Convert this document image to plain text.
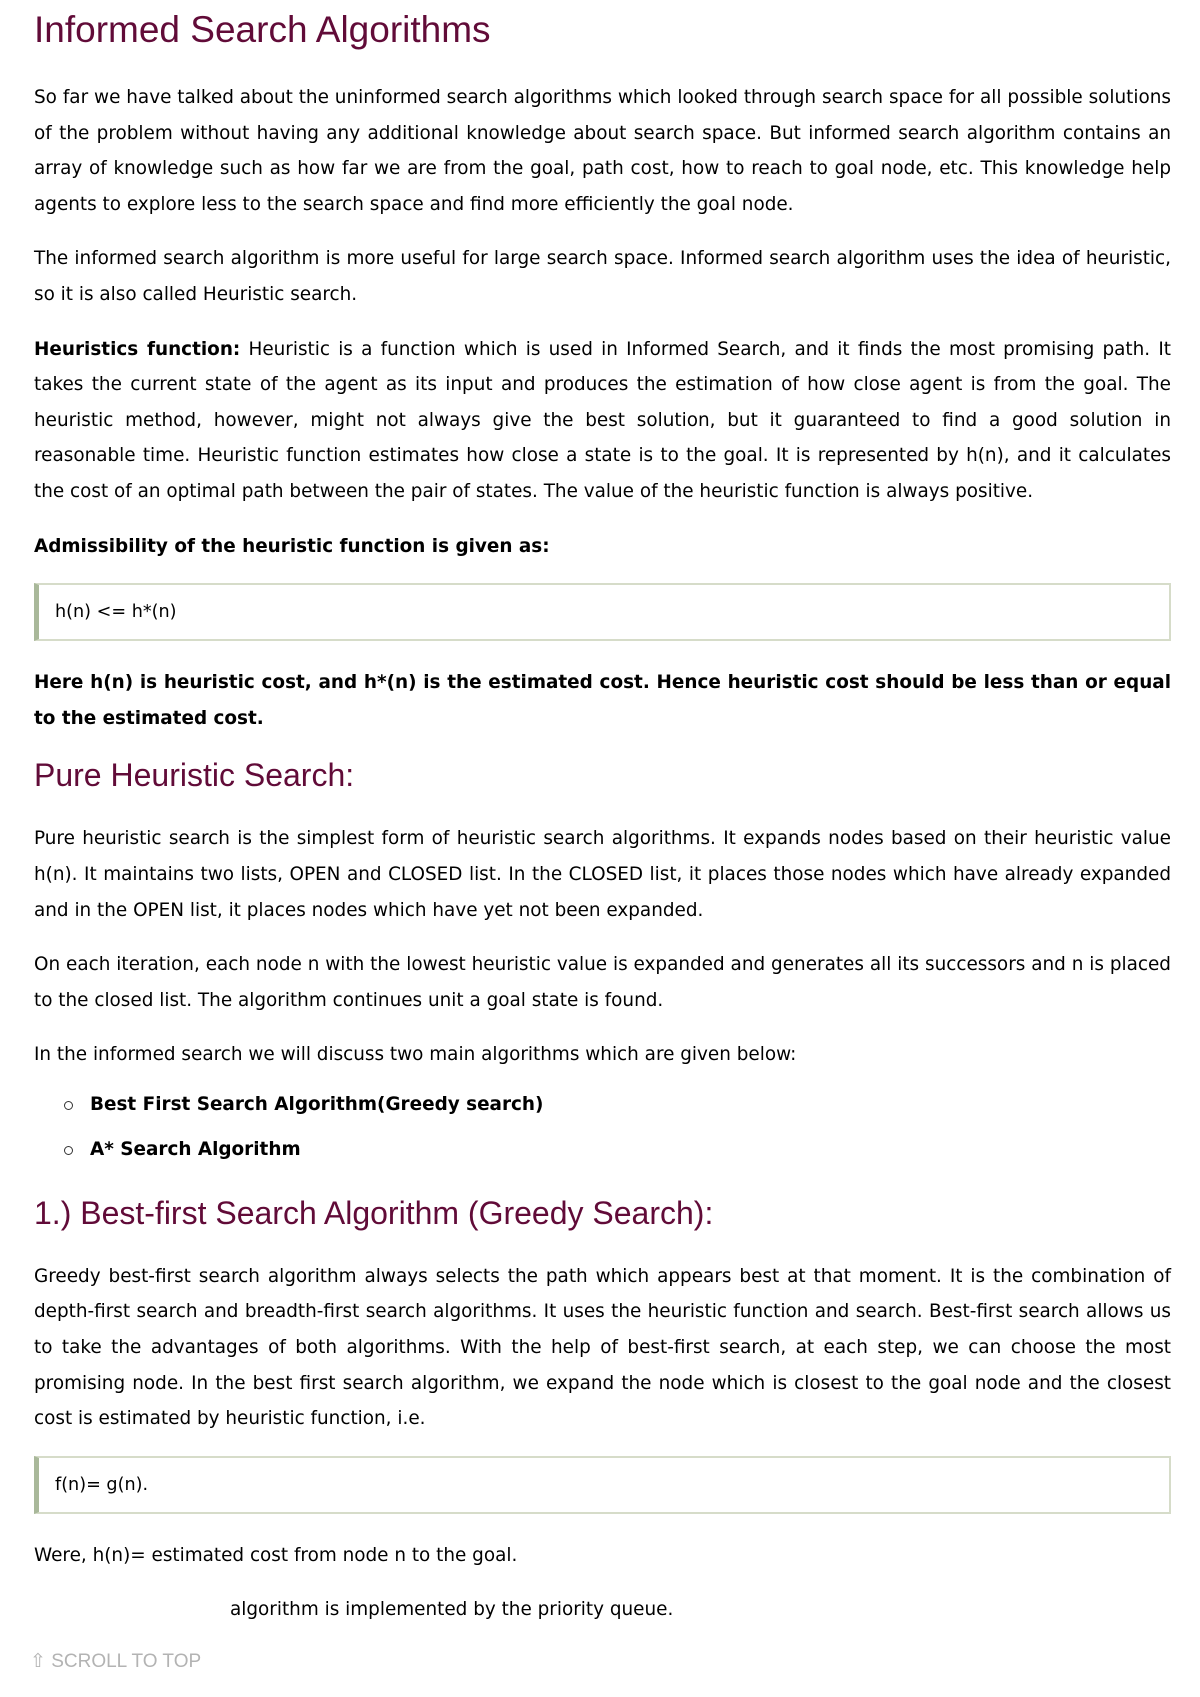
Informed Search Algorithms

So far we have talked about the uninformed search algorithms which looked through search space for all possible solutions of the problem without having any additional knowledge about search space. But informed search algorithm contains an array of knowledge such as how far we are from the goal, path cost, how to reach to goal node, etc. This knowledge help agents to explore less to the search space and find more efficiently the goal node.

The informed search algorithm is more useful for large search space. Informed search algorithm uses the idea of heuristic, so it is also called Heuristic search.

Heuristics function: Heuristic is a function which is used in Informed Search, and it finds the most promising path. It takes the current state of the agent as its input and produces the estimation of how close agent is from the goal. The heuristic method, however, might not always give the best solution, but it guaranteed to find a good solution in reasonable time. Heuristic function estimates how close a state is to the goal. It is represented by h(n), and it calculates the cost of an optimal path between the pair of states. The value of the heuristic function is always positive.

Admissibility of the heuristic function is given as:

h(n) <= h*(n)

Here h(n) is heuristic cost, and h*(n) is the estimated cost. Hence heuristic cost should be less than or equal to the estimated cost.

Pure Heuristic Search:

Pure heuristic search is the simplest form of heuristic search algorithms. It expands nodes based on their heuristic value h(n). It maintains two lists, OPEN and CLOSED list. In the CLOSED list, it places those nodes which have already expanded and in the OPEN list, it places nodes which have yet not been expanded.

On each iteration, each node n with the lowest heuristic value is expanded and generates all its successors and n is placed to the closed list. The algorithm continues unit a goal state is found.

In the informed search we will discuss two main algorithms which are given below:

Best First Search Algorithm(Greedy search)
A* Search Algorithm
1.) Best-first Search Algorithm (Greedy Search):

Greedy best-first search algorithm always selects the path which appears best at that moment. It is the combination of depth-first search and breadth-first search algorithms. It uses the heuristic function and search. Best-first search allows us to take the advantages of both algorithms. With the help of best-first search, at each step, we can choose the most promising node. In the best first search algorithm, we expand the node which is closest to the goal node and the closest cost is estimated by heuristic function, i.e.

f(n)= g(n).

Were, h(n)= estimated cost from node n to the goal.

algorithm is implemented by the priority queue.

⇧ SCROLL TO TOP
